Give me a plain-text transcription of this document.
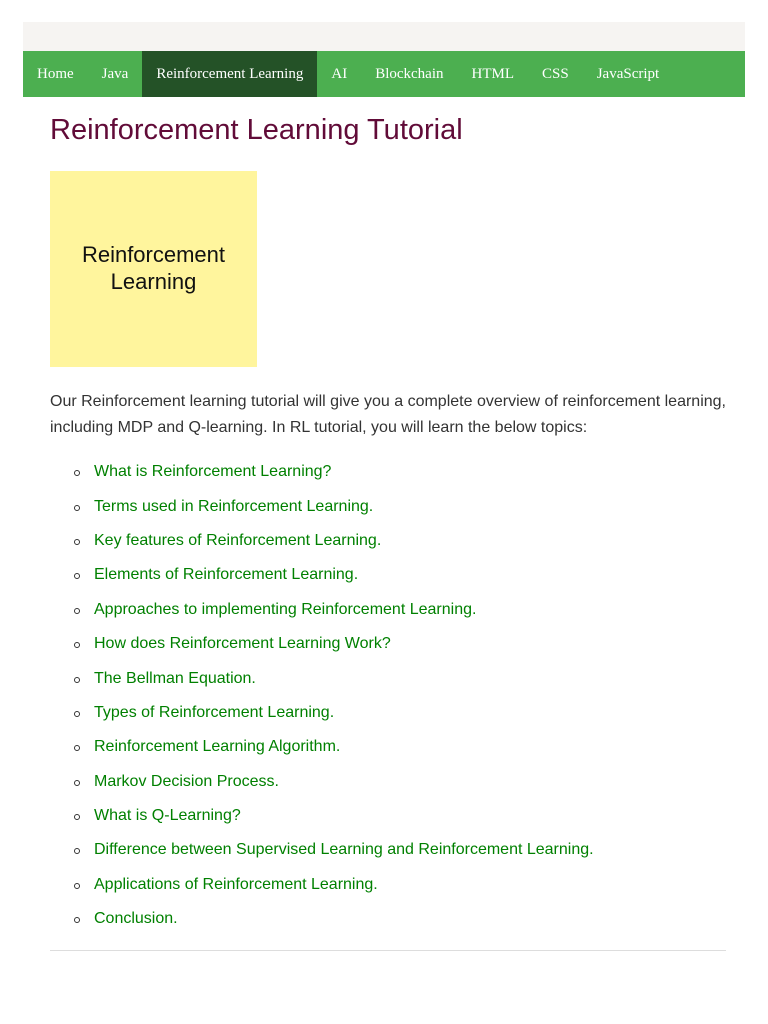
Home	Java	Reinforcement Learning	AI	Blockchain	HTML	CSS	JavaScript
Reinforcement Learning Tutorial
Reinforcement Learning

Our Reinforcement learning tutorial will give you a complete overview of reinforcement learning, including MDP and Q-learning. In RL tutorial, you will learn the below topics:

What is Reinforcement Learning?
Terms used in Reinforcement Learning.
Key features of Reinforcement Learning.
Elements of Reinforcement Learning.
Approaches to implementing Reinforcement Learning.
How does Reinforcement Learning Work?
The Bellman Equation.
Types of Reinforcement Learning.
Reinforcement Learning Algorithm.
Markov Decision Process.
What is Q-Learning?
Difference between Supervised Learning and Reinforcement Learning.
Applications of Reinforcement Learning.
Conclusion.
